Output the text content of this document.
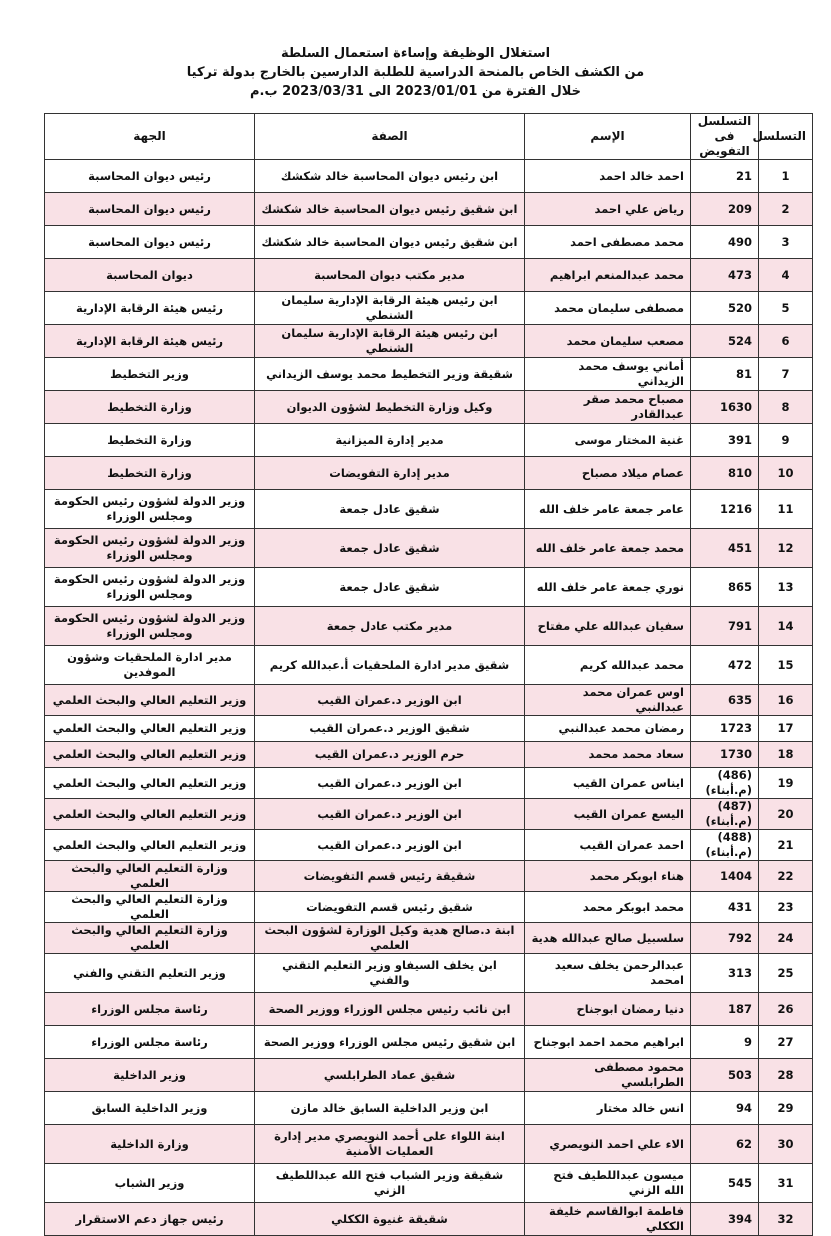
استغلال الوظيفة وإساءة استعمال السلطة
من الكشف الخاص بالمنحة الدراسية للطلبة الدارسين بالخارج بدولة تركيا
خلال الفترة من 2023/01/01 الى 2023/03/31 ب.م
التسلسل	التسلسل فى التفويض	الإسم	الصفة	الجهة
1	21	احمد خالد احمد	ابن رئيس ديوان المحاسبة خالد شكشك	رئيس ديوان المحاسبة
2	209	رياض علي احمد	ابن شقيق رئيس ديوان المحاسبة خالد شكشك	رئيس ديوان المحاسبة
3	490	محمد مصطفى احمد	ابن شقيق رئيس ديوان المحاسبة خالد شكشك	رئيس ديوان المحاسبة
4	473	محمد عبدالمنعم ابراهيم	مدير مكتب ديوان المحاسبة	ديوان المحاسبة
5	520	مصطفى سليمان محمد	ابن رئيس هيئة الرقابة الإدارية سليمان الشنطي	رئيس هيئة الرقابة الإدارية
6	524	مصعب سليمان محمد	ابن رئيس هيئة الرقابة الإدارية سليمان الشنطي	رئيس هيئة الرقابة الإدارية
7	81	أماني يوسف محمد الزيداني	شقيقة وزير التخطيط محمد يوسف الزيداني	وزير التخطيط
8	1630	مصباح محمد صقر عبدالقادر	وكيل وزارة التخطيط لشؤون الديوان	وزارة التخطيط
9	391	غنية المختار موسى	مدير إدارة الميزانية	وزارة التخطيط
10	810	عصام ميلاد مصباح	مدير إدارة التفويضات	وزارة التخطيط
11	1216	عامر جمعة عامر خلف الله	شقيق عادل جمعة	وزير الدولة لشؤون رئيس الحكومة ومجلس الوزراء
12	451	محمد جمعة عامر خلف الله	شقيق عادل جمعة	وزير الدولة لشؤون رئيس الحكومة ومجلس الوزراء
13	865	نوري جمعة عامر خلف الله	شقيق عادل جمعة	وزير الدولة لشؤون رئيس الحكومة ومجلس الوزراء
14	791	سفيان عبدالله علي مفتاح	مدير مكتب عادل جمعة	وزير الدولة لشؤون رئيس الحكومة ومجلس الوزراء
15	472	محمد عبدالله كريم	شقيق مدير ادارة الملحقيات أ.عبدالله كريم	مدير ادارة الملحقيات وشؤون الموفدين
16	635	اوس عمران محمد عبدالنبي	ابن الوزير د.عمران القيب	وزير التعليم العالي والبحث العلمي
17	1723	رمضان محمد عبدالنبي	شقيق الوزير د.عمران القيب	وزير التعليم العالي والبحث العلمي
18	1730	سعاد محمد محمد	حرم الوزير د.عمران القيب	وزير التعليم العالي والبحث العلمي
19	(486)(م.أبناء)	ايناس عمران القيب	ابن الوزير د.عمران القيب	وزير التعليم العالي والبحث العلمي
20	(487)(م.أبناء)	اليسع عمران القيب	ابن الوزير د.عمران القيب	وزير التعليم العالي والبحث العلمي
21	(488)(م.أبناء)	احمد عمران القيب	ابن الوزير د.عمران القيب	وزير التعليم العالي والبحث العلمي
22	1404	هناء ابوبكر محمد	شقيقة رئيس قسم التفويضات	وزارة التعليم العالي والبحث العلمي
23	431	محمد ابوبكر محمد	شقيق رئيس قسم التفويضات	وزارة التعليم العالي والبحث العلمي
24	792	سلسبيل صالح عبدالله هدية	ابنة د.صالح هدية وكيل الوزارة لشؤون البحث العلمي	وزارة التعليم العالي والبحث العلمي
25	313	عبدالرحمن يخلف سعيد امحمد	ابن يخلف السيفاو وزير التعليم التقني والفني	وزير التعليم التقني والفني
26	187	دنيا رمضان ابوجناح	ابن نائب رئيس مجلس الوزراء ووزير الصحة	رئاسة مجلس الوزراء
27	9	ابراهيم محمد احمد ابوجناح	ابن شقيق رئيس مجلس الوزراء ووزير الصحة	رئاسة مجلس الوزراء
28	503	محمود مصطفى الطرابلسي	شقيق عماد الطرابلسي	وزير الداخلية
29	94	انس خالد مختار	ابن وزير الداخلية السابق خالد مازن	وزير الداخلية السابق
30	62	الاء علي احمد النويصري	ابنة اللواء على أحمد النويصري مدير إدارة العمليات الأمنية	وزارة الداخلية
31	545	ميسون عبداللطيف فتح الله الزني	شقيقة وزير الشباب فتح الله عبداللطيف الزني	وزير الشباب
32	394	فاطمة ابوالقاسم خليفة الككلي	شقيقة غنيوة الككلي	رئيس جهاز دعم الاستقرار
